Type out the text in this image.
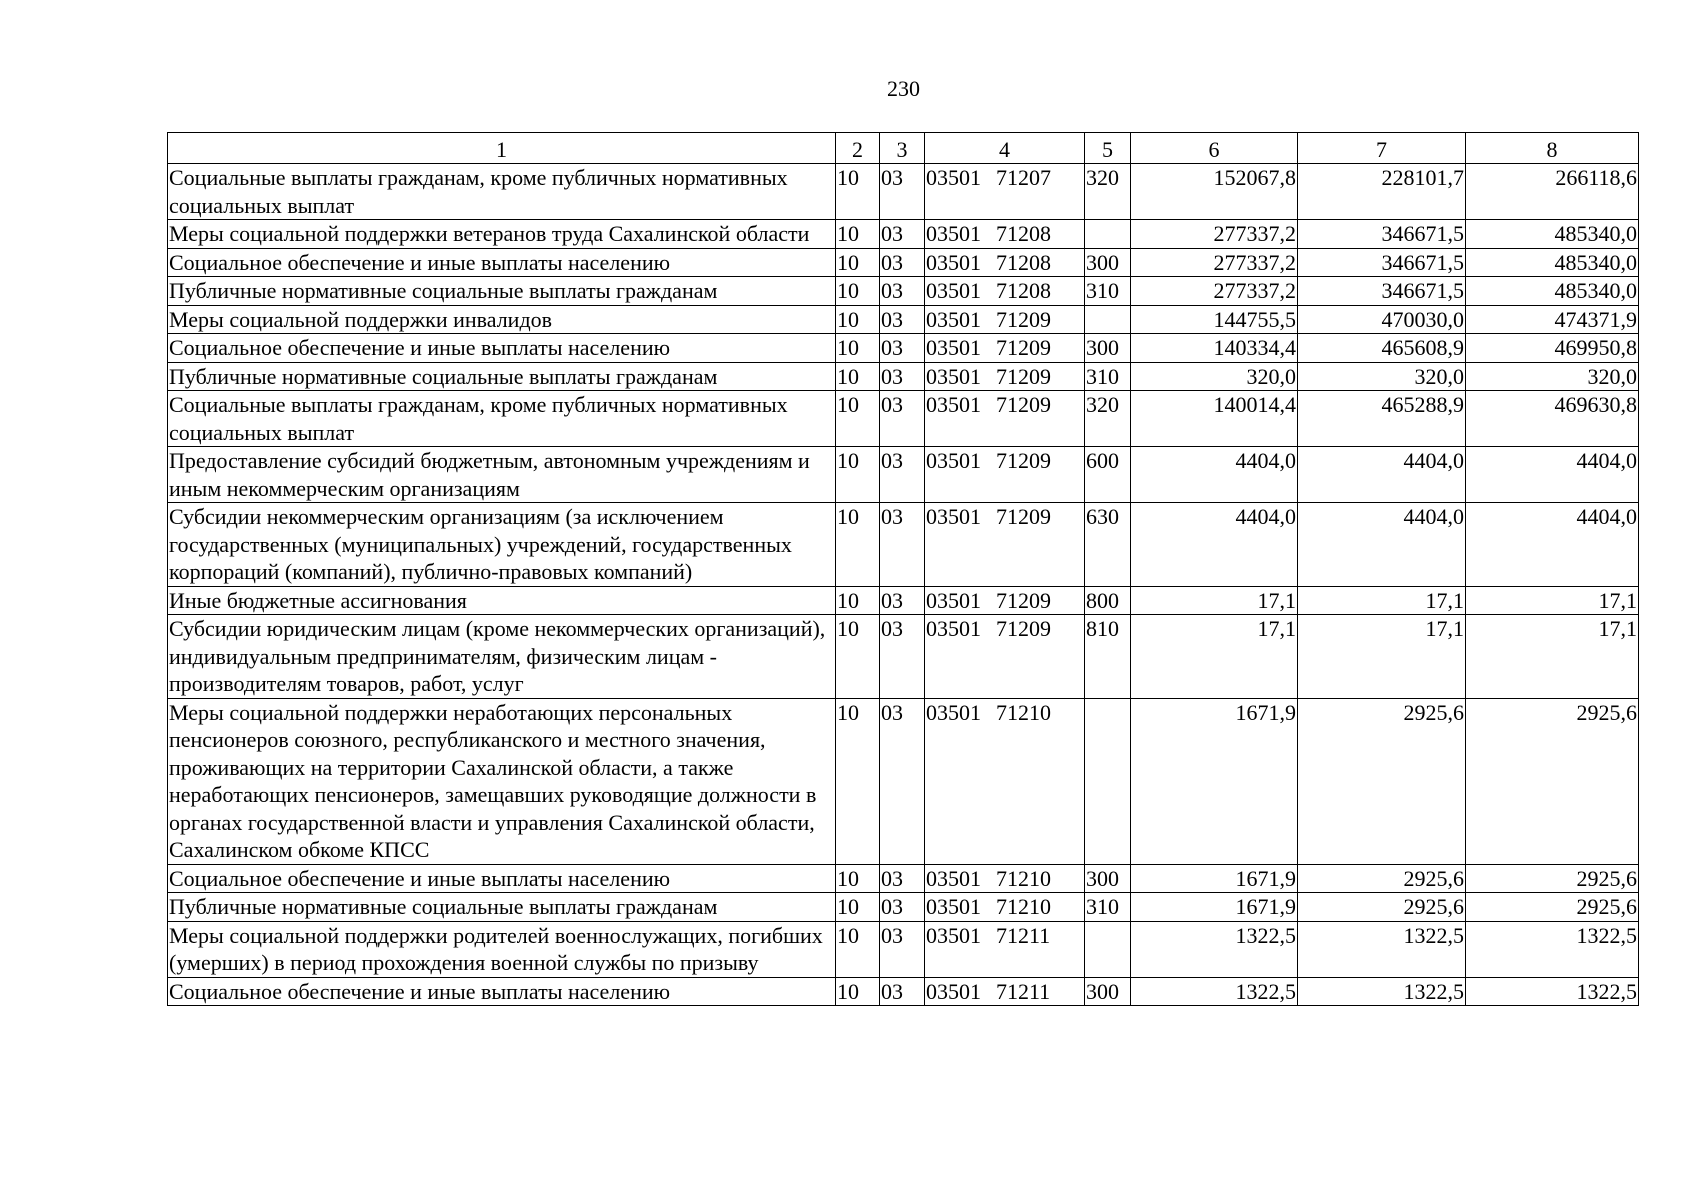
230
1	2	3	4	5	6	7	8
Социальные выплаты гражданам, кроме публичных нормативных социальных выплат	10	03	03501 71207	320	152067,8	228101,7	266118,6
Меры социальной поддержки ветеранов труда Сахалинской области	10	03	03501 71208		277337,2	346671,5	485340,0
Социальное обеспечение и иные выплаты населению	10	03	03501 71208	300	277337,2	346671,5	485340,0
Публичные нормативные социальные выплаты гражданам	10	03	03501 71208	310	277337,2	346671,5	485340,0
Меры социальной поддержки инвалидов	10	03	03501 71209		144755,5	470030,0	474371,9
Социальное обеспечение и иные выплаты населению	10	03	03501 71209	300	140334,4	465608,9	469950,8
Публичные нормативные социальные выплаты гражданам	10	03	03501 71209	310	320,0	320,0	320,0
Социальные выплаты гражданам, кроме публичных нормативных социальных выплат	10	03	03501 71209	320	140014,4	465288,9	469630,8
Предоставление субсидий бюджетным, автономным учреждениям и иным некоммерческим организациям	10	03	03501 71209	600	4404,0	4404,0	4404,0
Субсидии некоммерческим организациям (за исключением государственных (муниципальных) учреждений, государственных корпораций (компаний), публично-правовых компаний)	10	03	03501 71209	630	4404,0	4404,0	4404,0
Иные бюджетные ассигнования	10	03	03501 71209	800	17,1	17,1	17,1
Субсидии юридическим лицам (кроме некоммерческих организаций), индивидуальным предпринимателям, физическим лицам - производителям товаров, работ, услуг	10	03	03501 71209	810	17,1	17,1	17,1
Меры социальной поддержки неработающих персональных пенсионеров союзного, республиканского и местного значения, проживающих на территории Сахалинской области, а также неработающих пенсионеров, замещавших руководящие должности в органах государственной власти и управления Сахалинской области, Сахалинском обкоме КПСС	10	03	03501 71210		1671,9	2925,6	2925,6
Социальное обеспечение и иные выплаты населению	10	03	03501 71210	300	1671,9	2925,6	2925,6
Публичные нормативные социальные выплаты гражданам	10	03	03501 71210	310	1671,9	2925,6	2925,6
Меры социальной поддержки родителей военнослужащих, погибших (умерших) в период прохождения военной службы по призыву	10	03	03501 71211		1322,5	1322,5	1322,5
Социальное обеспечение и иные выплаты населению	10	03	03501 71211	300	1322,5	1322,5	1322,5
